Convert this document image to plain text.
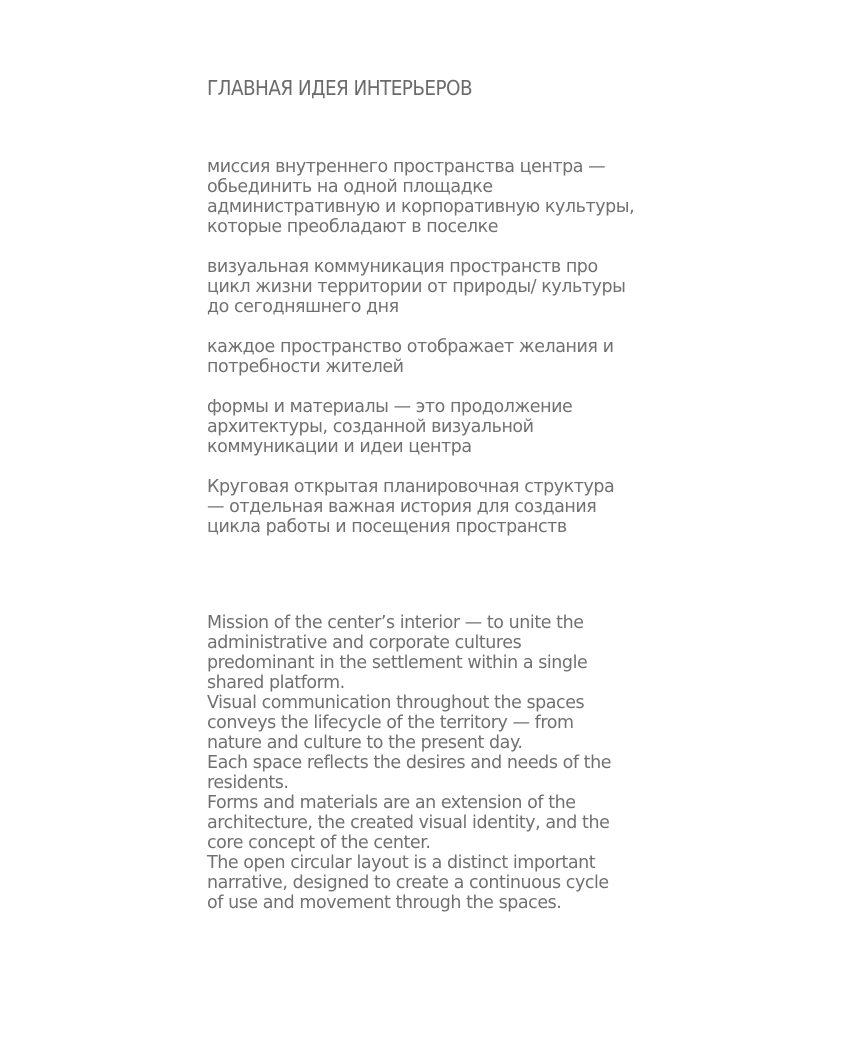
ГЛАВНАЯ ИДЕЯ ИНТЕРЬЕРОВ

миссия внутреннего пространства центра —
обьединить на одной площадке
административную и корпоративную культуры,
которые преобладают в поселке

визуальная коммуникация пространств про
цикл жизни территории от природы/ культуры
до сегодняшнего дня

каждое пространство отображает желания и
потребности жителей

формы и материалы — это продолжение
архитектуры, созданной визуальной
коммуникации и идеи центра

Круговая открытая планировочная структура
— отдельная важная история для создания
цикла работы и посещения пространств

Mission of the center’s interior — to unite the
administrative and corporate cultures
predominant in the settlement within a single
shared platform.

Visual communication throughout the spaces
conveys the lifecycle of the territory — from
nature and culture to the present day.

Each space reflects the desires and needs of the
residents.

Forms and materials are an extension of the
architecture, the created visual identity, and the
core concept of the center.

The open circular layout is a distinct important
narrative, designed to create a continuous cycle
of use and movement through the spaces.
